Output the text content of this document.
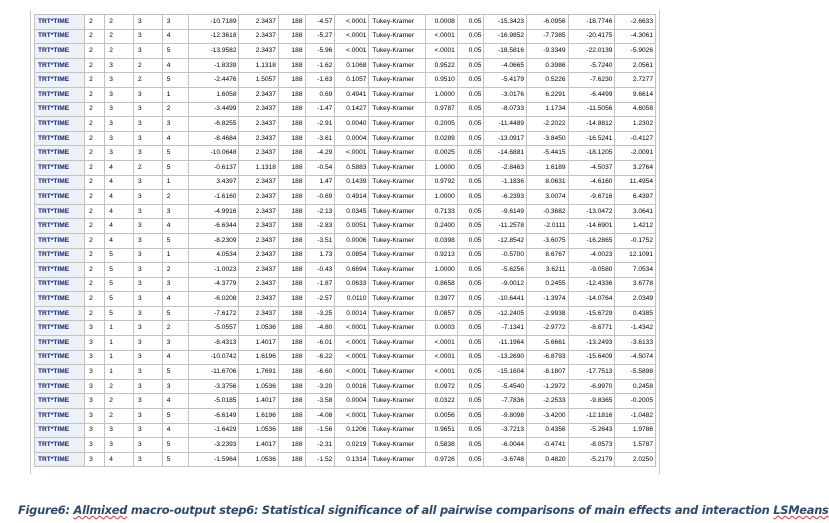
TRT*TIME	2	2	3	3	-10.7189	2.3437	188	-4.57	<.0001	Tukey-Kramer	0.0008	0.05	-15.3423	-6.0956	-18.7746	-2.6633
TRT*TIME	2	2	3	4	-12.3618	2.3437	188	-5.27	<.0001	Tukey-Kramer	<.0001	0.05	-16.9852	-7.7385	-20.4175	-4.3061
TRT*TIME	2	2	3	5	-13.9582	2.3437	188	-5.96	<.0001	Tukey-Kramer	<.0001	0.05	-18.5816	-9.3349	-22.0139	-5.9026
TRT*TIME	2	3	2	4	-1.8339	1.1318	188	-1.62	0.1068	Tukey-Kramer	0.9522	0.05	-4.0665	0.3986	-5.7240	2.0561
TRT*TIME	2	3	2	5	-2.4476	1.5057	188	-1.63	0.1057	Tukey-Kramer	0.9510	0.05	-5.4179	0.5226	-7.6230	2.7277
TRT*TIME	2	3	3	1	1.6058	2.3437	188	0.69	0.4941	Tukey-Kramer	1.0000	0.05	-3.0176	6.2291	-6.4499	9.6614
TRT*TIME	2	3	3	2	-3.4499	2.3437	188	-1.47	0.1427	Tukey-Kramer	0.9787	0.05	-8.0733	1.1734	-11.5056	4.6058
TRT*TIME	2	3	3	3	-6.8255	2.3437	188	-2.91	0.0040	Tukey-Kramer	0.2005	0.05	-11.4489	-2.2022	-14.8812	1.2302
TRT*TIME	2	3	3	4	-8.4684	2.3437	188	-3.61	0.0004	Tukey-Kramer	0.0289	0.05	-13.0917	-3.8450	-16.5241	-0.4127
TRT*TIME	2	3	3	5	-10.0648	2.3437	188	-4.29	<.0001	Tukey-Kramer	0.0025	0.05	-14.6881	-5.4415	-18.1205	-2.0091
TRT*TIME	2	4	2	5	-0.6137	1.1318	188	-0.54	0.5883	Tukey-Kramer	1.0000	0.05	-2.8463	1.6189	-4.5037	3.2764
TRT*TIME	2	4	3	1	3.4397	2.3437	188	1.47	0.1439	Tukey-Kramer	0.9792	0.05	-1.1836	8.0631	-4.6160	11.4954
TRT*TIME	2	4	3	2	-1.6160	2.3437	188	-0.69	0.4914	Tukey-Kramer	1.0000	0.05	-6.2393	3.0074	-9.6716	6.4397
TRT*TIME	2	4	3	3	-4.9916	2.3437	188	-2.13	0.0345	Tukey-Kramer	0.7133	0.05	-9.6149	-0.3682	-13.0472	3.0641
TRT*TIME	2	4	3	4	-6.6344	2.3437	188	-2.83	0.0051	Tukey-Kramer	0.2400	0.05	-11.2578	-2.0111	-14.6901	1.4212
TRT*TIME	2	4	3	5	-8.2309	2.3437	188	-3.51	0.0006	Tukey-Kramer	0.0398	0.05	-12.8542	-3.6075	-16.2865	-0.1752
TRT*TIME	2	5	3	1	4.0534	2.3437	188	1.73	0.0854	Tukey-Kramer	0.9213	0.05	-0.5700	8.6767	-4.0023	12.1091
TRT*TIME	2	5	3	2	-1.0023	2.3437	188	-0.43	0.6694	Tukey-Kramer	1.0000	0.05	-5.6256	3.6211	-9.0580	7.0534
TRT*TIME	2	5	3	3	-4.3779	2.3437	188	-1.87	0.0633	Tukey-Kramer	0.8658	0.05	-9.0012	0.2455	-12.4336	3.6778
TRT*TIME	2	5	3	4	-6.0208	2.3437	188	-2.57	0.0110	Tukey-Kramer	0.3977	0.05	-10.6441	-1.3974	-14.0764	2.0349
TRT*TIME	2	5	3	5	-7.6172	2.3437	188	-3.25	0.0014	Tukey-Kramer	0.0857	0.05	-12.2405	-2.9938	-15.6729	0.4385
TRT*TIME	3	1	3	2	-5.0557	1.0536	188	-4.80	<.0001	Tukey-Kramer	0.0003	0.05	-7.1341	-2.9772	-8.6771	-1.4342
TRT*TIME	3	1	3	3	-8.4313	1.4017	188	-6.01	<.0001	Tukey-Kramer	<.0001	0.05	-11.1964	-5.6661	-13.2493	-3.6133
TRT*TIME	3	1	3	4	-10.0742	1.6196	188	-6.22	<.0001	Tukey-Kramer	<.0001	0.05	-13.2690	-6.8793	-15.6409	-4.5074
TRT*TIME	3	1	3	5	-11.6706	1.7691	188	-6.60	<.0001	Tukey-Kramer	<.0001	0.05	-15.1604	-8.1807	-17.7513	-5.5898
TRT*TIME	3	2	3	3	-3.3756	1.0536	188	-3.20	0.0016	Tukey-Kramer	0.0972	0.05	-5.4540	-1.2972	-6.9970	0.2458
TRT*TIME	3	2	3	4	-5.0185	1.4017	188	-3.58	0.0004	Tukey-Kramer	0.0322	0.05	-7.7836	-2.2533	-9.8365	-0.2005
TRT*TIME	3	2	3	5	-6.6149	1.6196	188	-4.08	<.0001	Tukey-Kramer	0.0056	0.05	-9.8098	-3.4200	-12.1816	-1.0482
TRT*TIME	3	3	3	4	-1.6429	1.0536	188	-1.56	0.1206	Tukey-Kramer	0.9651	0.05	-3.7213	0.4356	-5.2643	1.9786
TRT*TIME	3	3	3	5	-3.2393	1.4017	188	-2.31	0.0219	Tukey-Kramer	0.5838	0.05	-6.0044	-0.4741	-8.0573	1.5787
TRT*TIME	3	4	3	5	-1.5964	1.0536	188	-1.52	0.1314	Tukey-Kramer	0.9726	0.05	-3.6748	0.4820	-5.2179	2.0250

Figure6: Allmixed macro-output step6: Statistical significance of all pairwise comparisons of main effects and interaction LSMeans
